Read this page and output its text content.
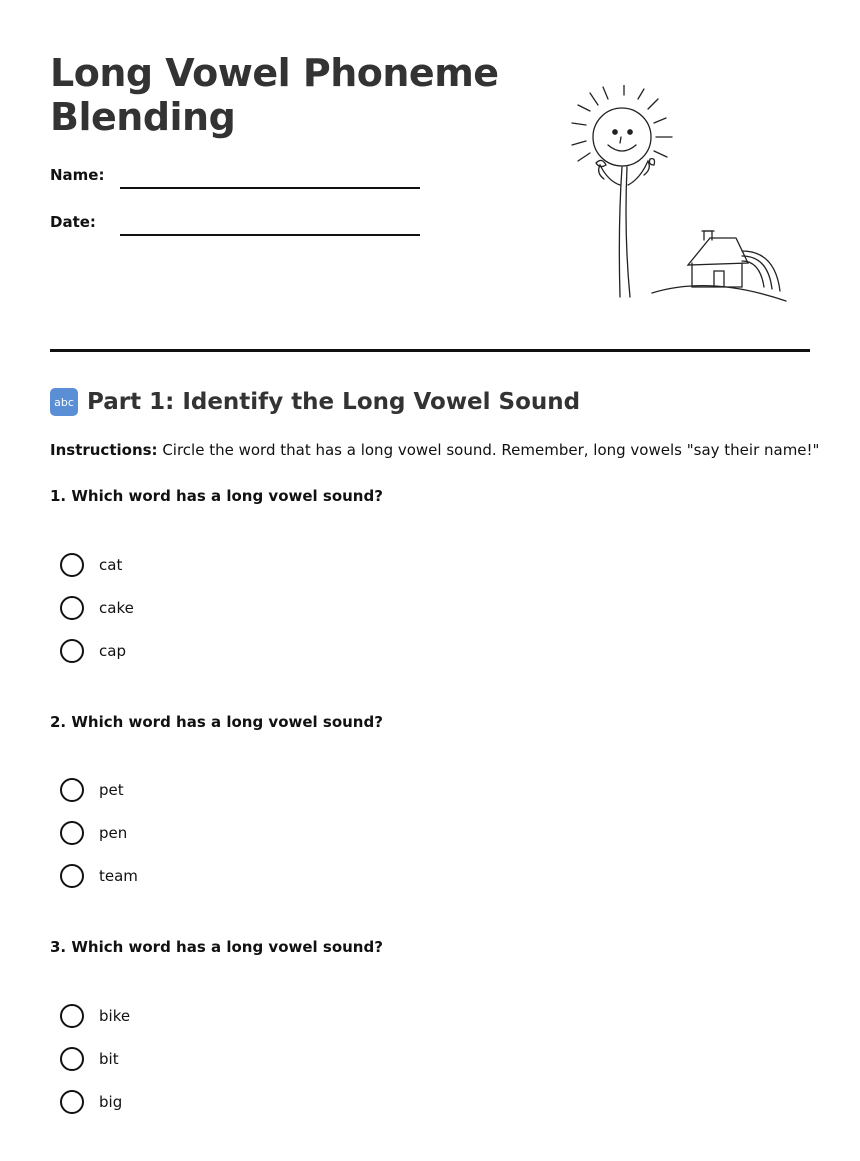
Long Vowel Phoneme Blending
Name:
Date:
abc Part 1: Identify the Long Vowel Sound
Instructions: Circle the word that has a long vowel sound. Remember, long vowels "say their name!"
1. Which word has a long vowel sound?
cat
cake
cap
2. Which word has a long vowel sound?
pet
pen
team
3. Which word has a long vowel sound?
bike
bit
big
